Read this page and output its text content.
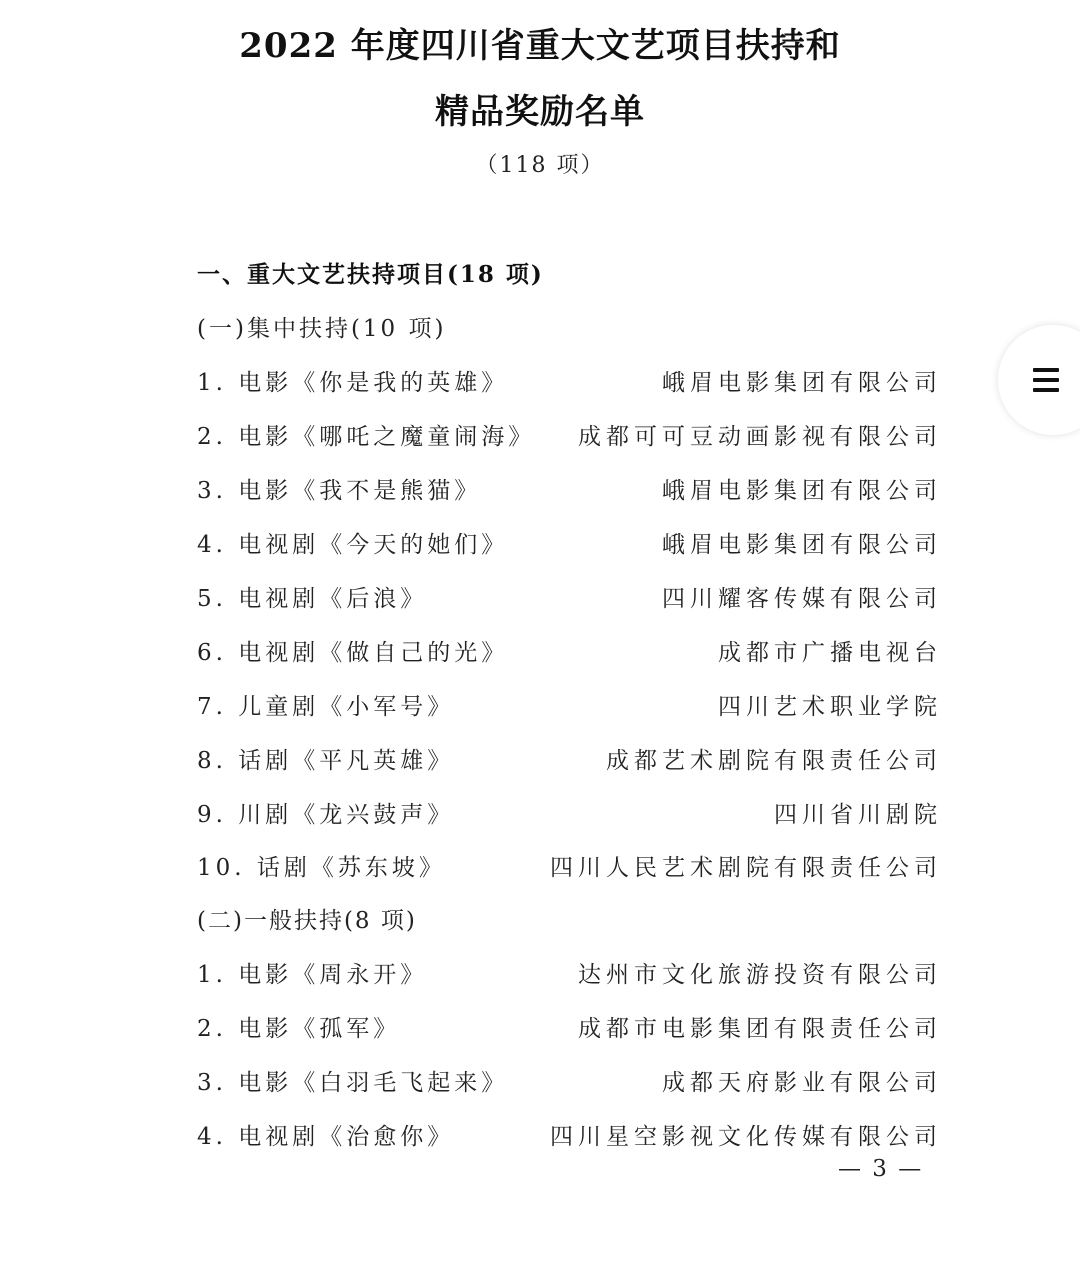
2022 年度四川省重大文艺项目扶持和
精品奖励名单
（118 项）
一、重大文艺扶持项目(18 项)
(一)集中扶持(10 项)
1. 电影《你是我的英雄》	峨眉电影集团有限公司
2. 电影《哪吒之魔童闹海》 成都可可豆动画影视有限公司
3. 电影《我不是熊猫》	峨眉电影集团有限公司
4. 电视剧《今天的她们》	峨眉电影集团有限公司
5. 电视剧《后浪》	四川耀客传媒有限公司
6. 电视剧《做自己的光》	成都市广播电视台
7. 儿童剧《小军号》	四川艺术职业学院
8. 话剧《平凡英雄》	成都艺术剧院有限责任公司
9. 川剧《龙兴鼓声》	四川省川剧院
10. 话剧《苏东坡》	四川人民艺术剧院有限责任公司
(二)一般扶持(8 项)
1. 电影《周永开》	达州市文化旅游投资有限公司
2. 电影《孤军》	成都市电影集团有限责任公司
3. 电影《白羽毛飞起来》	成都天府影业有限公司
4. 电视剧《治愈你》	四川星空影视文化传媒有限公司
— 3 —
